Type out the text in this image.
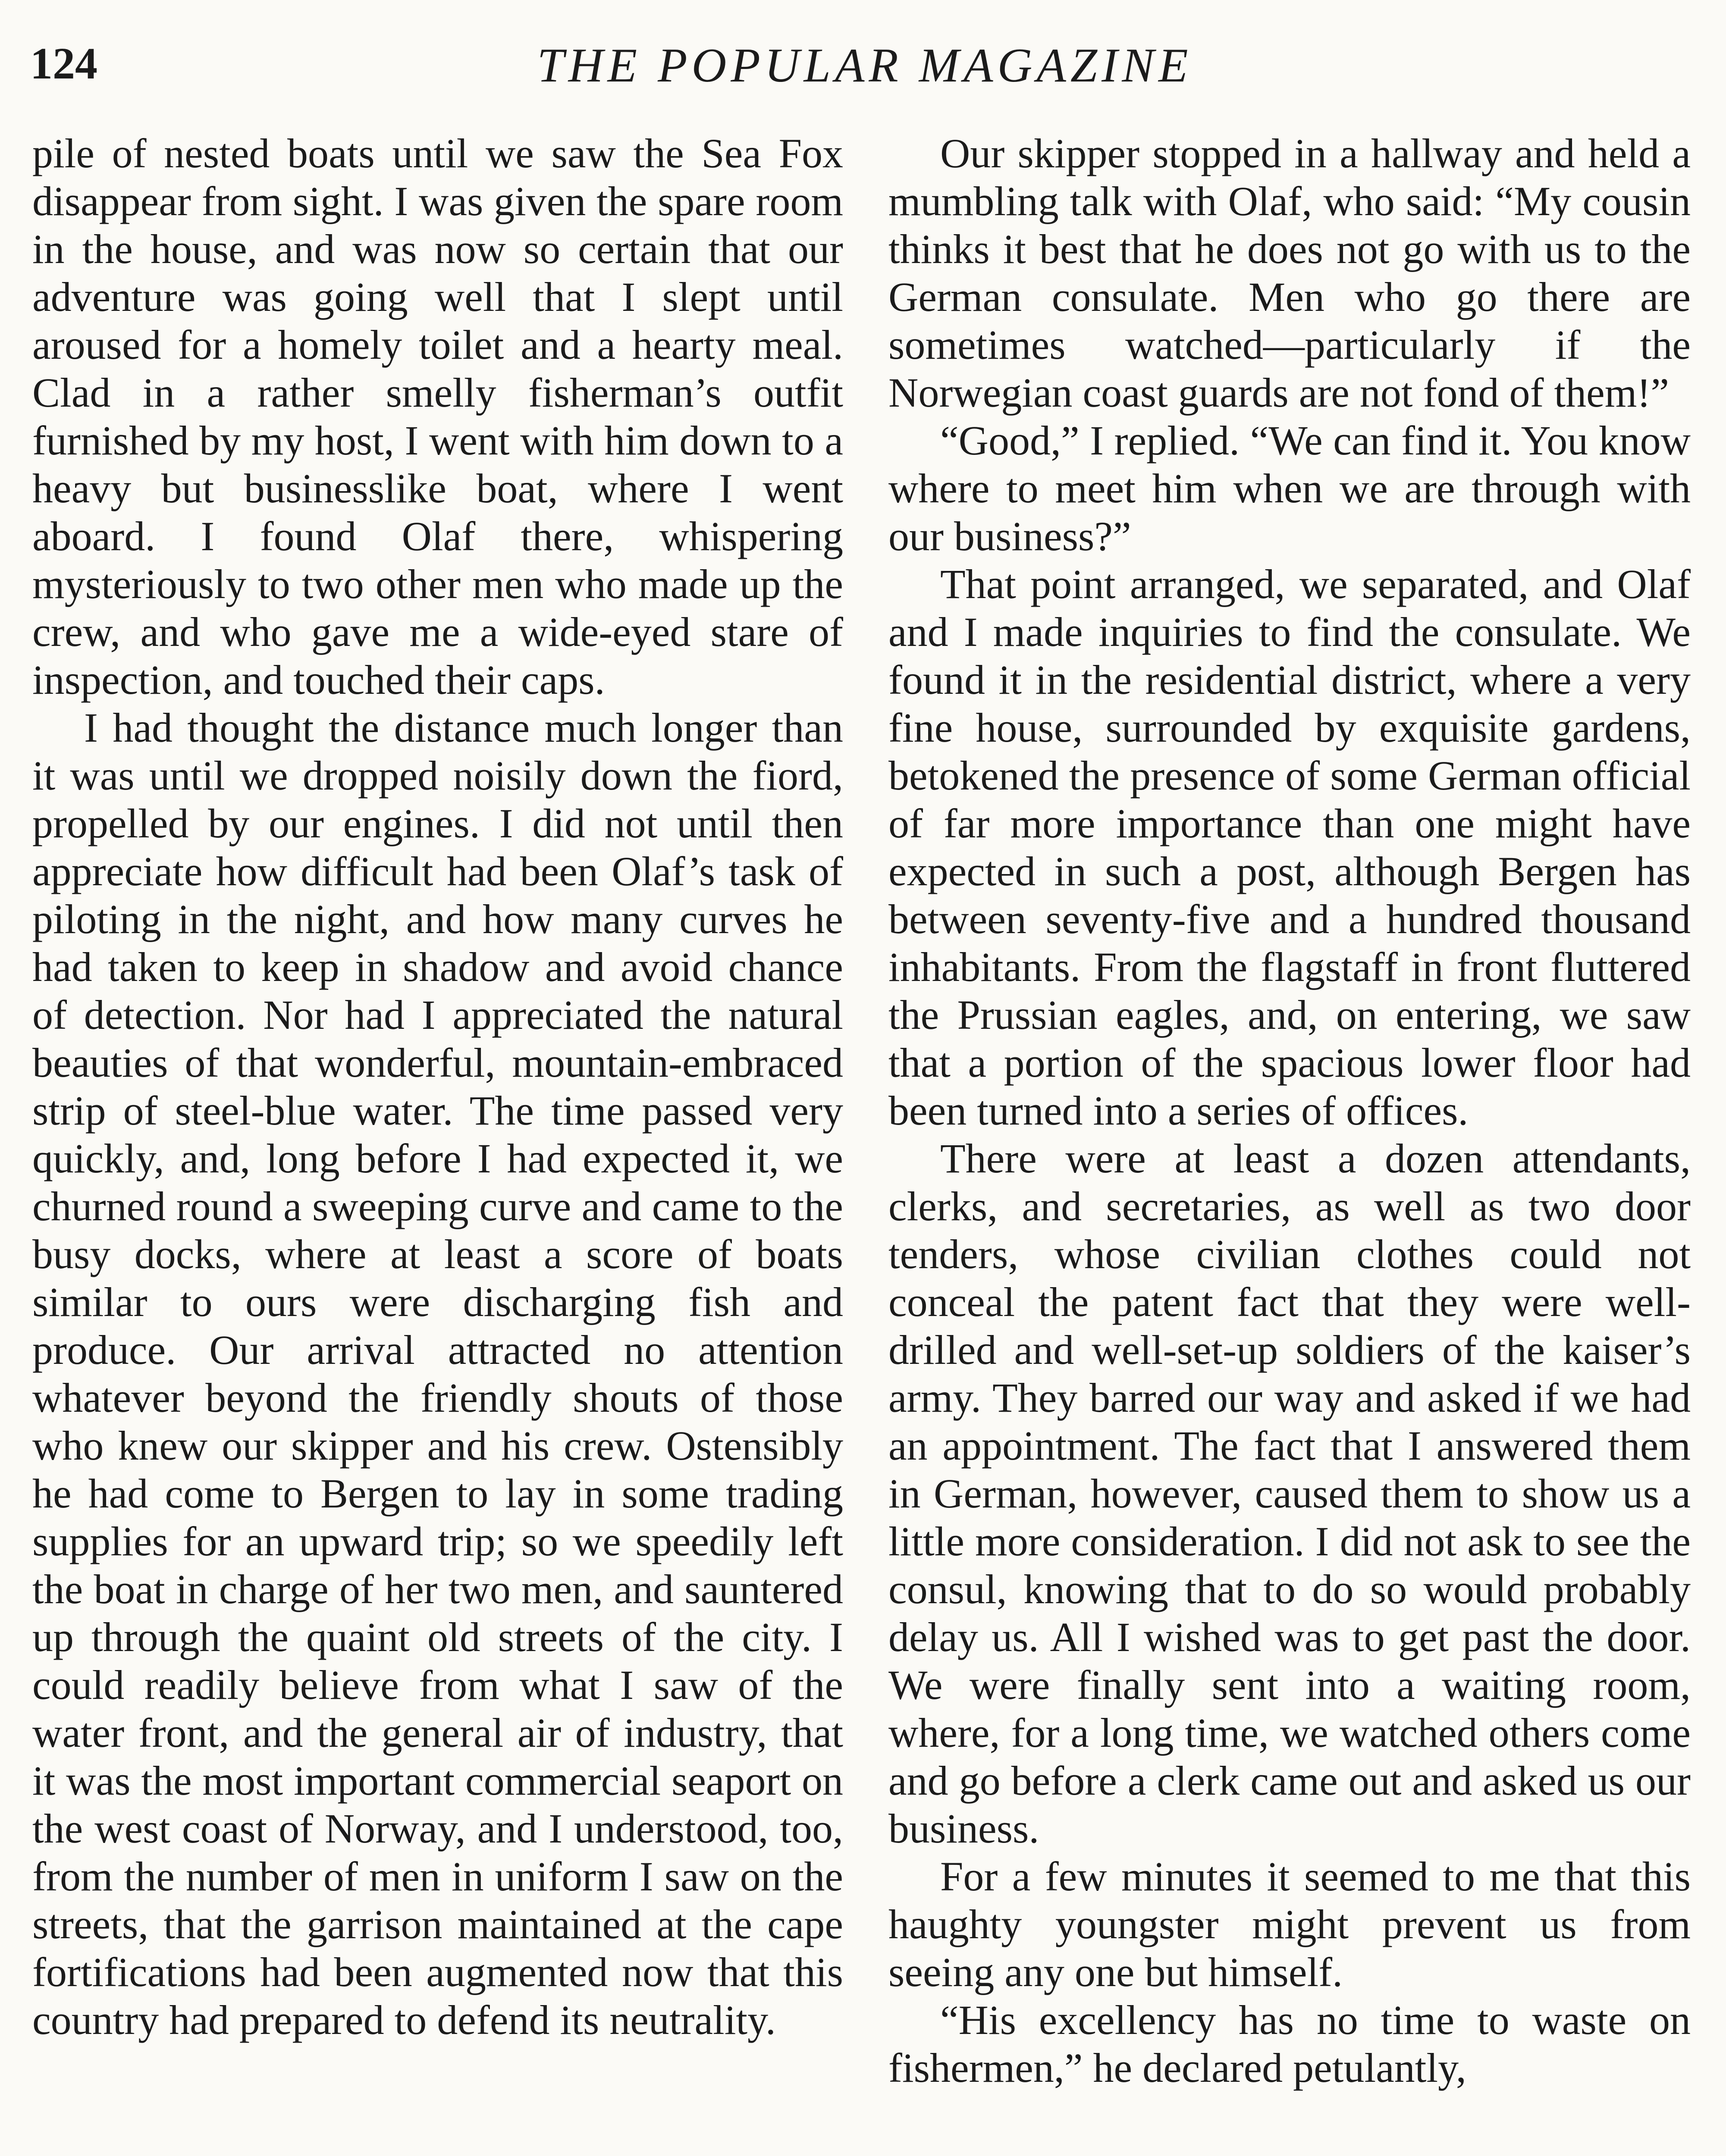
124	THE POPULAR MAGAZINE

pile of nested boats until we saw the Sea Fox disappear from sight. I was given the spare room in the house, and was now so certain that our adventure was going well that I slept until aroused for a homely toilet and a hearty meal. Clad in a rather smelly fisherman’s outfit furnished by my host, I went with him down to a heavy but businesslike boat, where I went aboard. I found Olaf there, whispering mysteriously to two other men who made up the crew, and who gave me a wide-eyed stare of inspection, and touched their caps.

I had thought the distance much longer than it was until we dropped noisily down the fiord, propelled by our engines. I did not until then appreciate how difficult had been Olaf’s task of piloting in the night, and how many curves he had taken to keep in shadow and avoid chance of detection. Nor had I appreciated the natural beauties of that wonderful, mountain-embraced strip of steel-blue water. The time passed very quickly, and, long before I had expected it, we churned round a sweeping curve and came to the busy docks, where at least a score of boats similar to ours were discharging fish and produce. Our arrival attracted no attention whatever beyond the friendly shouts of those who knew our skipper and his crew. Ostensibly he had come to Bergen to lay in some trading supplies for an upward trip; so we speedily left the boat in charge of her two men, and sauntered up through the quaint old streets of the city. I could readily believe from what I saw of the water front, and the general air of industry, that it was the most important commercial seaport on the west coast of Norway, and I understood, too, from the number of men in uniform I saw on the streets, that the garrison maintained at the cape fortifications had been augmented now that this country had prepared to defend its neutrality.

Our skipper stopped in a hallway and held a mumbling talk with Olaf, who said: “My cousin thinks it best that he does not go with us to the German consulate. Men who go there are sometimes watched—particularly if the Norwegian coast guards are not fond of them!”

“Good,” I replied. “We can find it. You know where to meet him when we are through with our business?”

That point arranged, we separated, and Olaf and I made inquiries to find the consulate. We found it in the residential district, where a very fine house, surrounded by exquisite gardens, betokened the presence of some German official of far more importance than one might have expected in such a post, although Bergen has between seventy-five and a hundred thousand inhabitants. From the flagstaff in front fluttered the Prussian eagles, and, on entering, we saw that a portion of the spacious lower floor had been turned into a series of offices.

There were at least a dozen attendants, clerks, and secretaries, as well as two door tenders, whose civilian clothes could not conceal the patent fact that they were well-drilled and well-set-up soldiers of the kaiser’s army. They barred our way and asked if we had an appointment. The fact that I answered them in German, however, caused them to show us a little more consideration. I did not ask to see the consul, knowing that to do so would probably delay us. All I wished was to get past the door. We were finally sent into a waiting room, where, for a long time, we watched others come and go before a clerk came out and asked us our business.

For a few minutes it seemed to me that this haughty youngster might prevent us from seeing any one but himself.

“His excellency has no time to waste on fishermen,” he declared petulantly,
